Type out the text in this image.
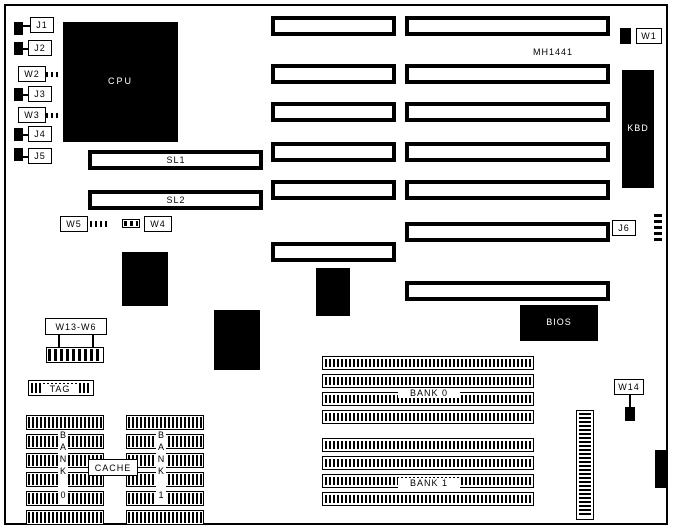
MH1441
CPU
J1
J2
W2
J3
W3
J4
J5
W1
KBD
J6
W14
SL1
SL2
W5	W4
BIOS
W13-W6
TAG
BANK 0	BANK 1
CACHE
BANK 0
BANK 1
